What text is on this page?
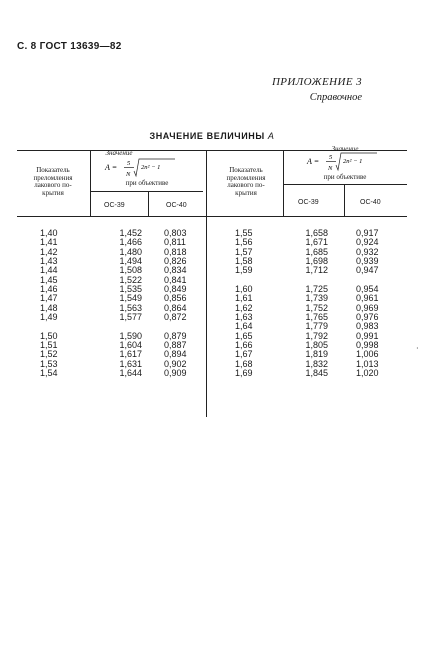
С. 8 ГОСТ 13639—82
ПРИЛОЖЕНИЕ 3
Справочное
ЗНАЧЕНИЕ ВЕЛИЧИНЫ А
Показатель
преломления
лакового по-
крытия
Значение
A = 5
N
2n² − 1
при объективе
ОС-39	ОС-40
Показатель
преломления
лакового по-
крытия
Значение
A = 5
N
2n² − 1
при объективе
ОС-39	ОС-40
1,40
1,41
1,42
1,43
1,44
1,45
1,46
1,47
1,48
1,49

1,50
1,51
1,52
1,53
1,54
1,452
1,466
1,480
1,494
1,508
1,522
1,535
1,549
1,563
1,577

1,590
1,604
1,617
1,631
1,644
0,803
0,811
0,818
0,826
0,834
0,841
0,849
0,856
0,864
0,872

0,879
0,887
0,894
0,902
0,909
1,55
1,56
1,57
1,58
1,59

1,60
1,61
1,62
1,63
1,64
1,65
1,66
1,67
1,68
1,69
1,658
1,671
1,685
1,698
1,712

1,725
1,739
1,752
1,765
1,779
1,792
1,805
1,819
1,832
1,845
0,917
0,924
0,932
0,939
0,947

0,954
0,961
0,969
0,976
0,983
0,991
0,998
1,006
1,013
1,020
·
